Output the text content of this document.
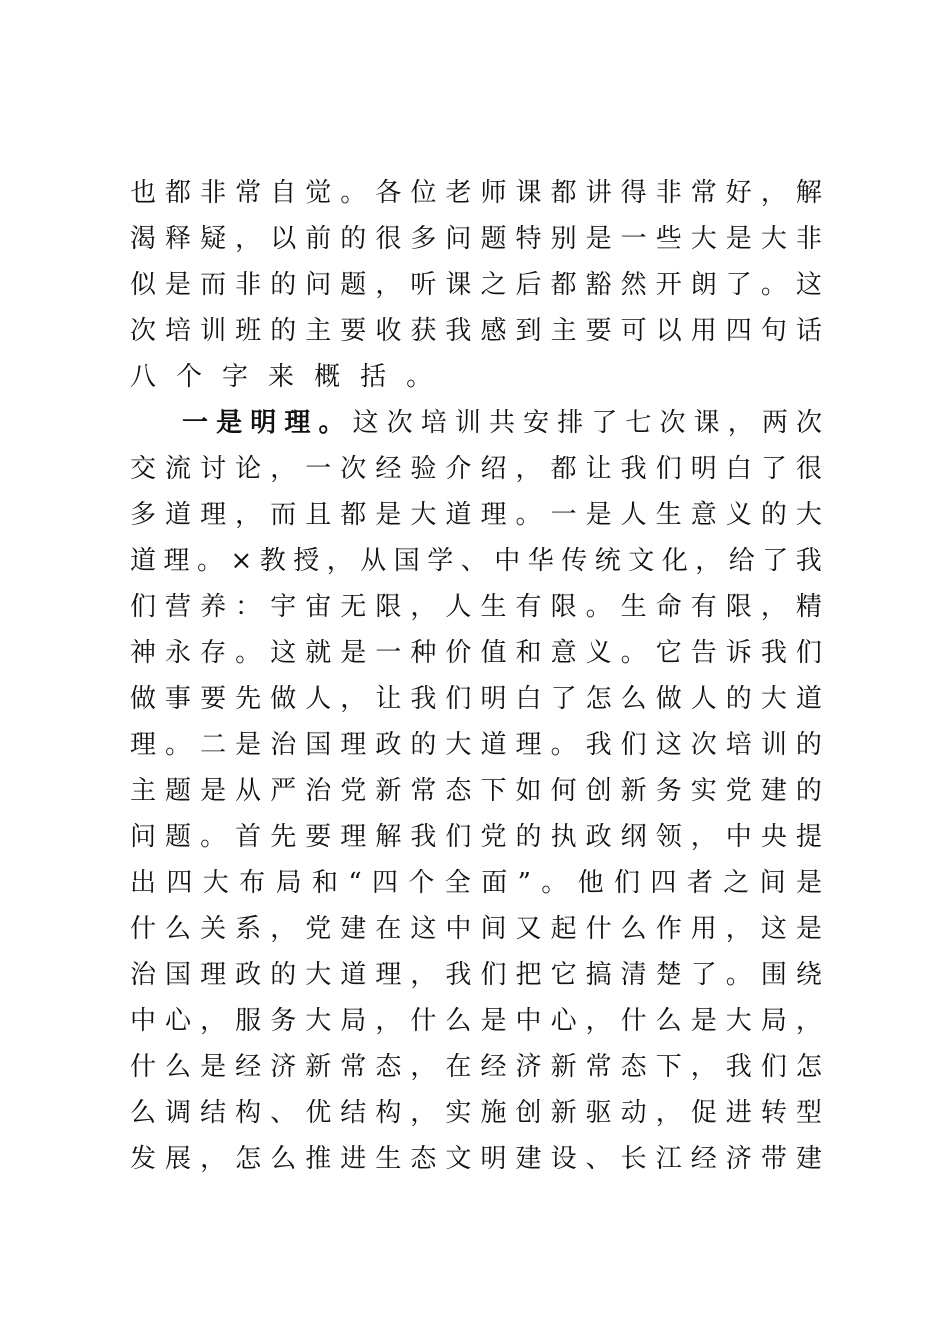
也 都 非 常 自 觉 。 各 位 老 师 课 都 讲 得 非 常 好 ， 解
渴 释 疑 ， 以 前 的 很 多 问 题 特 别 是 一 些 大 是 大 非
似 是 而 非 的 问 题 ， 听 课 之 后 都 豁 然 开 朗 了 。 这
次 培 训 班 的 主 要 收 获 我 感 到 主 要 可 以 用 四 句 话
八 个 字 来 概 括 。
一 是 明 理 。 这 次 培 训 共 安 排 了 七 次 课 ， 两 次
交 流 讨 论 ， 一 次 经 验 介 绍 ， 都 让 我 们 明 白 了 很
多 道 理 ， 而 且 都 是 大 道 理 。 一 是 人 生 意 义 的 大
道 理 。 × 教 授 ， 从 国 学 、 中 华 传 统 文 化 ， 给 了 我
们 营 养 ： 宇 宙 无 限 ， 人 生 有 限 。 生 命 有 限 ， 精
神 永 存 。 这 就 是 一 种 价 值 和 意 义 。 它 告 诉 我 们
做 事 要 先 做 人 ， 让 我 们 明 白 了 怎 么 做 人 的 大 道
理 。 二 是 治 国 理 政 的 大 道 理 。 我 们 这 次 培 训 的
主 题 是 从 严 治 党 新 常 态 下 如 何 创 新 务 实 党 建 的
问 题 。 首 先 要 理 解 我 们 党 的 执 政 纲 领 ， 中 央 提
出 四 大 布 局 和 “ 四 个 全 面 ” 。 他 们 四 者 之 间 是
什 么 关 系 ， 党 建 在 这 中 间 又 起 什 么 作 用 ， 这 是
治 国 理 政 的 大 道 理 ， 我 们 把 它 搞 清 楚 了 。 围 绕
中 心 ， 服 务 大 局 ， 什 么 是 中 心 ， 什 么 是 大 局 ，
什 么 是 经 济 新 常 态 ， 在 经 济 新 常 态 下 ， 我 们 怎
么 调 结 构 、 优 结 构 ， 实 施 创 新 驱 动 ， 促 进 转 型
发 展 ， 怎 么 推 进 生 态 文 明 建 设 、 长 江 经 济 带 建
